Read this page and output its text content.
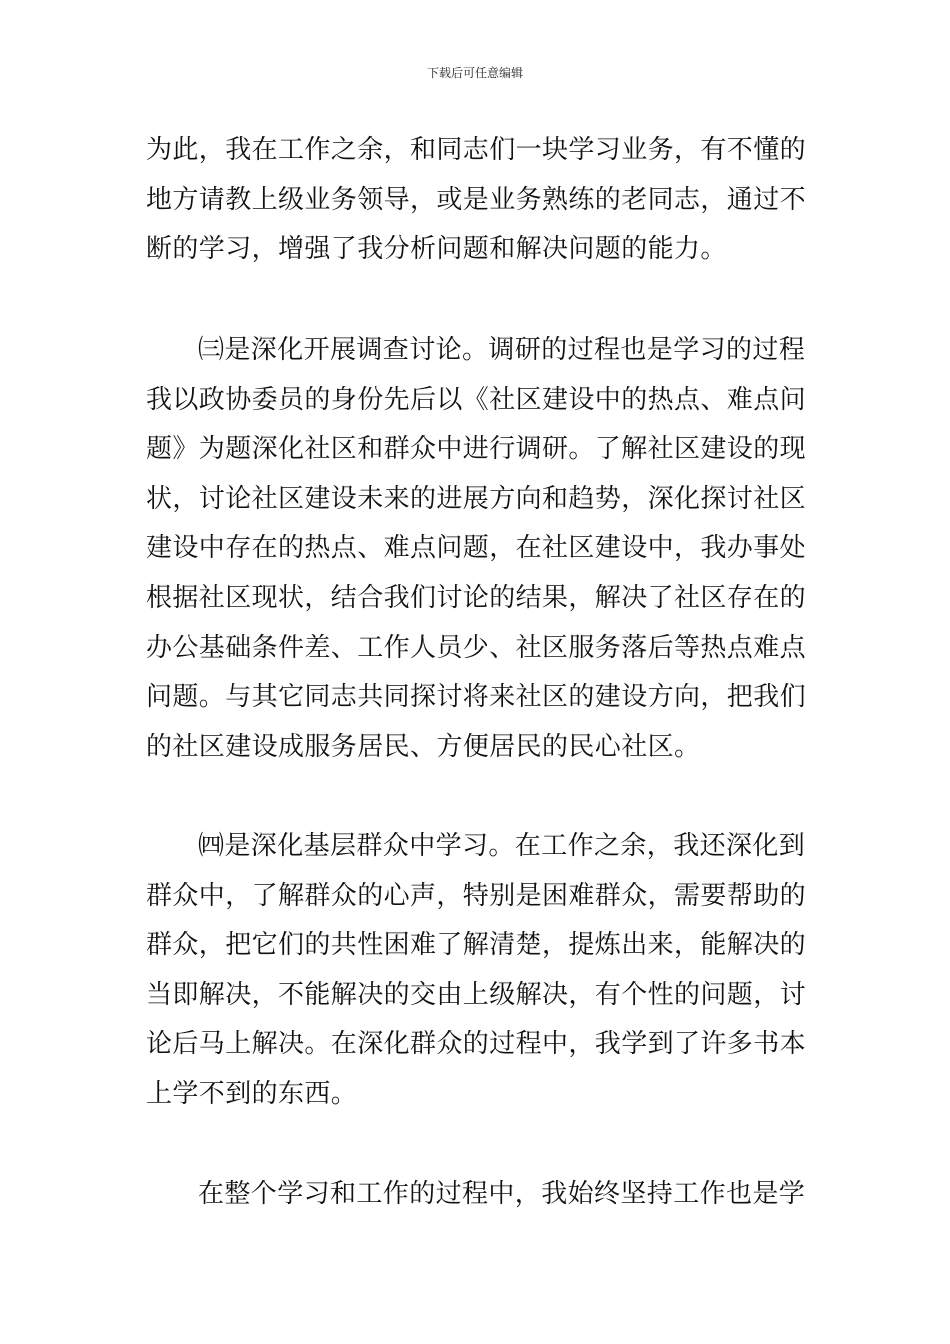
下载后可任意编辑
为此，我在工作之余，和同志们一块学习业务，有不懂的
地方请教上级业务领导，或是业务熟练的老同志，通过不
断的学习，增强了我分析问题和解决问题的能力。
㈢是深化开展调查讨论。调研的过程也是学习的过程
我以政协委员的身份先后以《社区建设中的热点、难点问
题》为题深化社区和群众中进行调研。了解社区建设的现
状，讨论社区建设未来的进展方向和趋势，深化探讨社区
建设中存在的热点、难点问题，在社区建设中，我办事处
根据社区现状，结合我们讨论的结果，解决了社区存在的
办公基础条件差、工作人员少、社区服务落后等热点难点
问题。与其它同志共同探讨将来社区的建设方向，把我们
的社区建设成服务居民、方便居民的民心社区。
㈣是深化基层群众中学习。在工作之余，我还深化到
群众中，了解群众的心声，特别是困难群众，需要帮助的
群众，把它们的共性困难了解清楚，提炼出来，能解决的
当即解决，不能解决的交由上级解决，有个性的问题，讨
论后马上解决。在深化群众的过程中，我学到了许多书本
上学不到的东西。
在整个学习和工作的过程中，我始终坚持工作也是学
